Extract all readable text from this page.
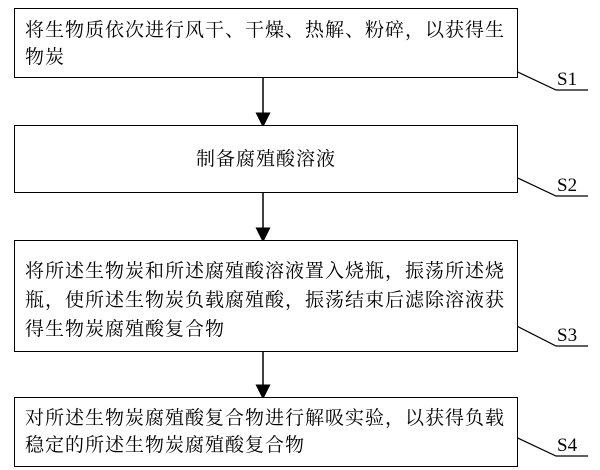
将生物质依次进行风干、干燥、热解、粉碎，以获得生物炭
S1
制备腐殖酸溶液
S2
将所述生物炭和所述腐殖酸溶液置入烧瓶，振荡所述烧瓶，使所述生物炭负载腐殖酸，振荡结束后滤除溶液获得生物炭腐殖酸复合物	S3
对所述生物炭腐殖酸复合物进行解吸实验，以获得负载稳定的所述生物炭腐殖酸复合物	S4
